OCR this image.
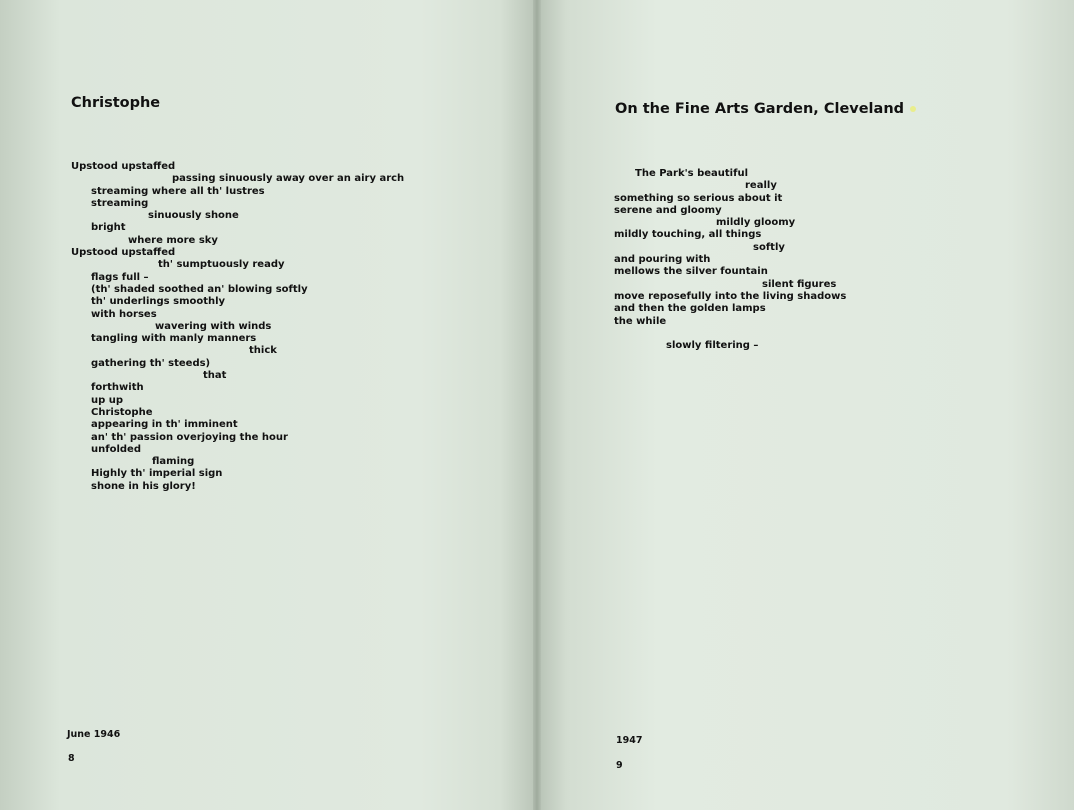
Christophe
Upstood upstaffed
passing sinuously away over an airy arch
streaming where all th' lustres
streaming
sinuously shone
bright
where more sky
Upstood upstaffed
th' sumptuously ready
flags full –
(th' shaded soothed an' blowing softly
th' underlings smoothly
with horses
wavering with winds
tangling with manly manners
thick
gathering th' steeds)
that
forthwith
up up
Christophe
appearing in th' imminent
an' th' passion overjoying the hour
unfolded
flaming
Highly th' imperial sign
shone in his glory!
June 1946
8
On the Fine Arts Garden, Cleveland
The Park's beautiful
really
something so serious about it
serene and gloomy
mildly gloomy
mildly touching, all things
softly
and pouring with
mellows the silver fountain
silent figures
move reposefully into the living shadows
and then the golden lamps
the while
slowly filtering –
1947
9
